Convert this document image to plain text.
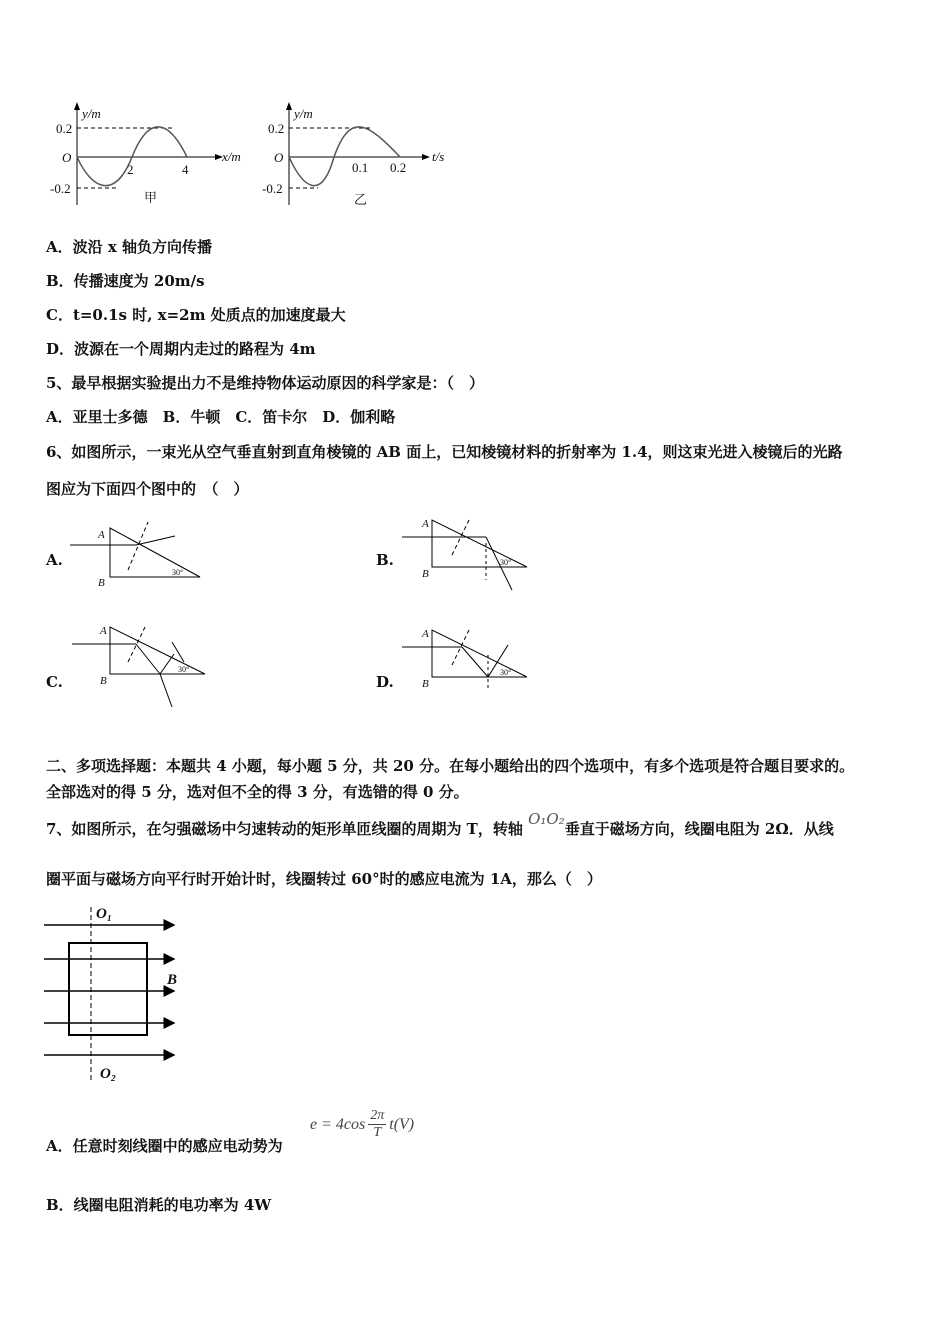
y/m
0.2
-0.2
O
2	4
x/m
甲
y/m
0.2
-0.2
O
0.1 0.2
t/s
乙
A．波沿 x 轴负方向传播
B．传播速度为 20m/s
C．t=0.1s 时, x=2m 处质点的加速度最大
D．波源在一个周期内走过的路程为 4m
5、最早根据实验提出力不是维持物体运动原因的科学家是：（　）
A．亚里士多德　B．牛顿　C．笛卡尔　D．伽利略
6、如图所示，一束光从空气垂直射到直角棱镜的 AB 面上，已知棱镜材料的折射率为 1.4，则这束光进入棱镜后的光路
图应为下面四个图中的　（　）
A.	B.
C.	D.
A
B
30°
A
B
30°
A
B
30°
A
B
30°
二、多项选择题：本题共 4 小题，每小题 5 分，共 20 分。在每小题给出的四个选项中，有多个选项是符合题目要求的。
全部选对的得 5 分，选对但不全的得 3 分，有选错的得 0 分。
7、如图所示，在匀强磁场中匀速转动的矩形单匝线圈的周期为 T，转轴 O₁O₂垂直于磁场方向，线圈电阻为 2Ω．从线
圈平面与磁场方向平行时开始计时，线圈转过 60°时的感应电流为 1A，那么（　）
O₁
O₂
B
A．任意时刻线圈中的感应电动势为
$e = 4\cos \frac{2\pi}{T} t(V)$
B．线圈电阻消耗的电功率为 4W
